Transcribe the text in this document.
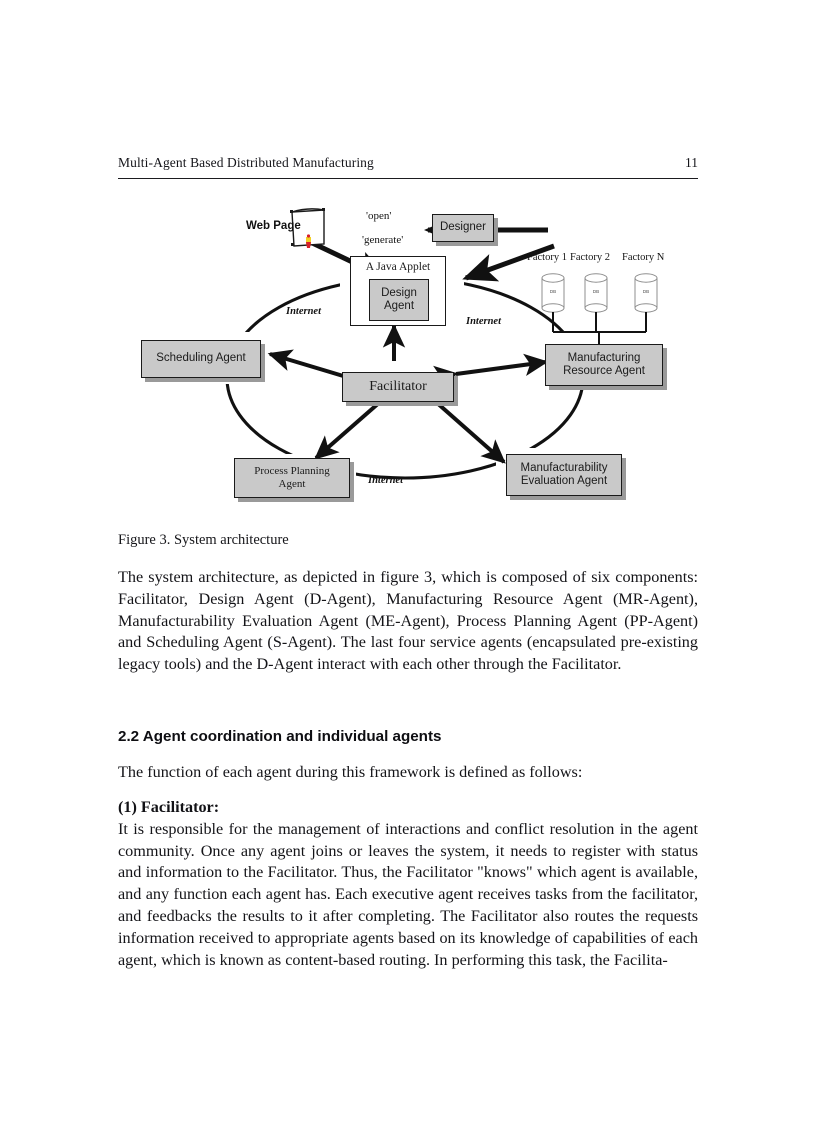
Multi-Agent Based Distributed Manufacturing	11
Designer
Web Page
'open'
'generate'
A Java Applet
Design
Agent
Scheduling Agent	Manufacturing
Resource Agent
Facilitator
Process Planning
Agent
Manufacturability
Evaluation Agent
Internet
Internet
Internet
Factory 1 Factory 2 Factory N
DB	DB	DB
Figure 3. System architecture

The system architecture, as depicted in figure 3, which is composed of six components: Facilitator, Design Agent (D-Agent), Manufacturing Resource Agent (MR-Agent), Manufacturability Evaluation Agent (ME-Agent), Process Planning Agent (PP-Agent) and Scheduling Agent (S-Agent). The last four service agents (encapsulated pre-existing legacy tools) and the D-Agent interact with each other through the Facilitator.

2.2 Agent coordination and individual agents

The function of each agent during this framework is defined as follows:

(1) Facilitator:

It is responsible for the management of interactions and conflict resolution in the agent community. Once any agent joins or leaves the system, it needs to register with status and information to the Facilitator. Thus, the Facilitator "knows" which agent is available, and any function each agent has. Each executive agent receives tasks from the facilitator, and feedbacks the results to it after completing. The Facilitator also routes the requests information received to appropriate agents based on its knowledge of capabilities of each agent, which is known as content-based routing. In performing this task, the Facilita-
